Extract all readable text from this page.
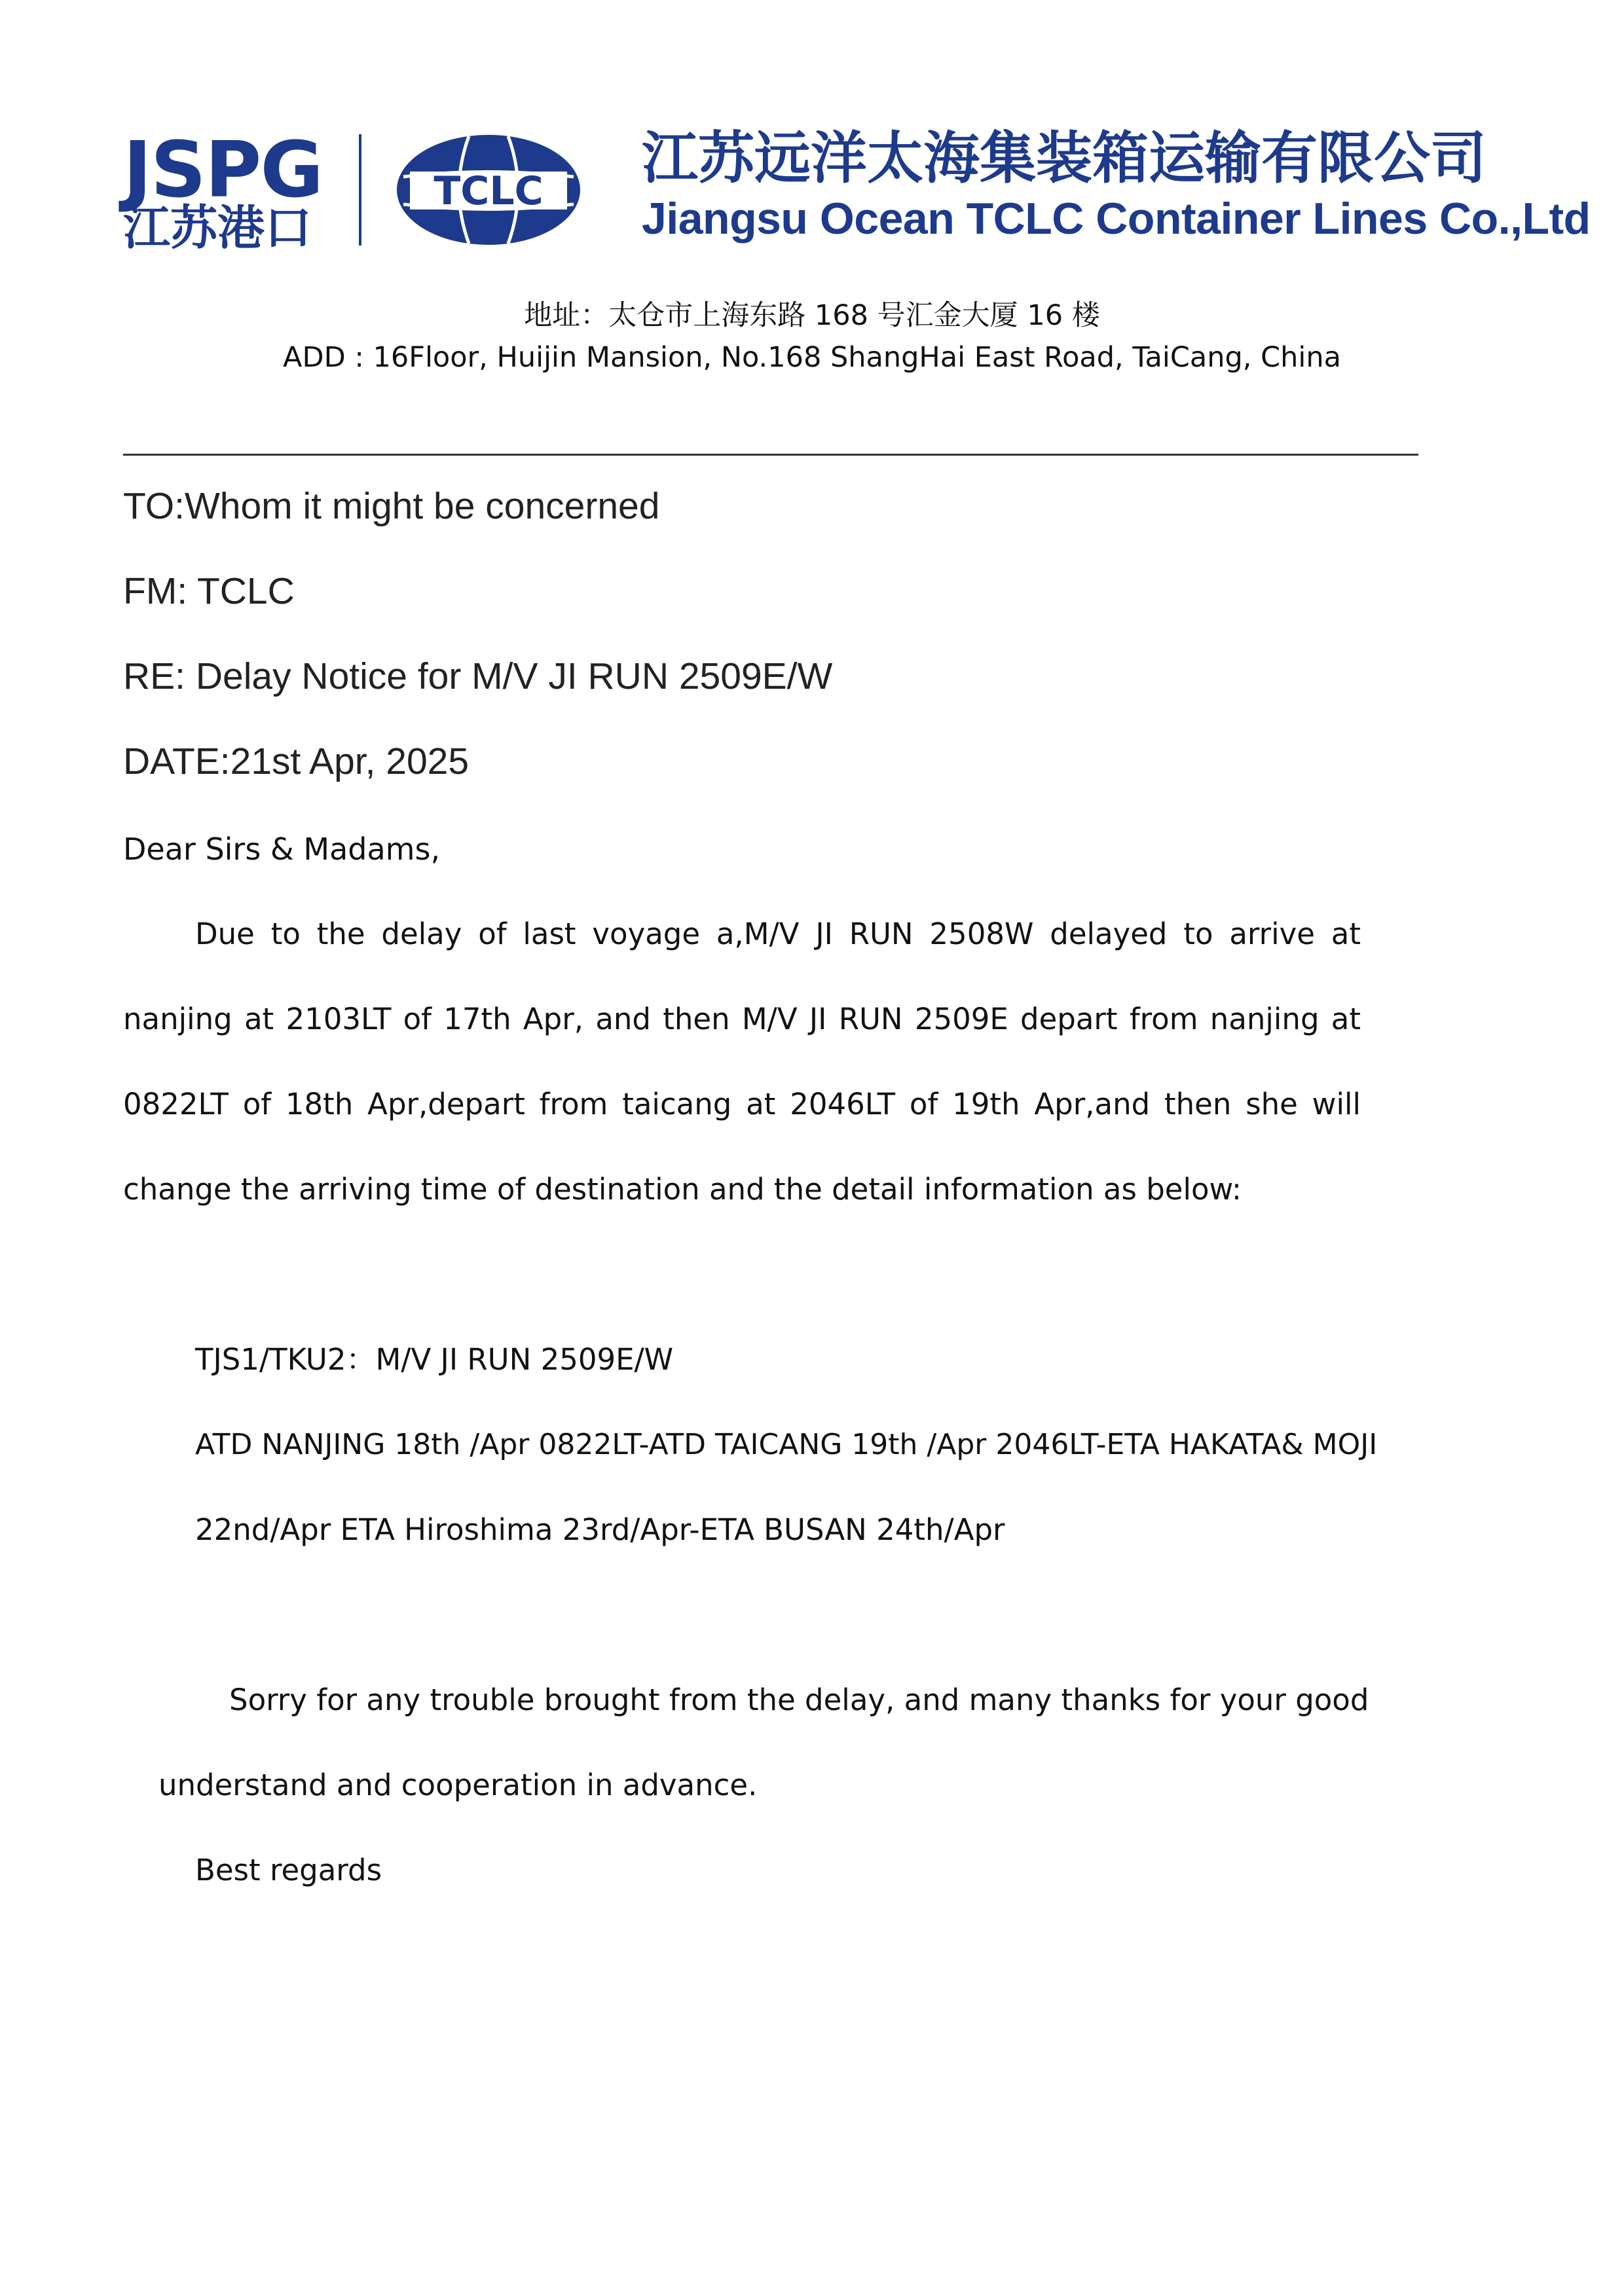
JSPG
江苏港口
TCLC 江苏远洋太海集装箱运输有限公司
Jiangsu Ocean TCLC Container Lines Co.,Ltd
地址：太仓市上海东路 168 号汇金大厦 16 楼
ADD : 16Floor, Huijin Mansion, No.168 ShangHai East Road, TaiCang, China
TO:Whom it might be concerned
FM: TCLC
RE: Delay Notice for M/V JI RUN 2509E/W
DATE:21st Apr, 2025
Dear Sirs & Madams,
Due to the delay of last voyage a,M/V JI RUN 2508W delayed to arrive at
nanjing at 2103LT of 17th Apr, and then M/V JI RUN 2509E depart from nanjing at
0822LT of 18th Apr,depart from taicang at 2046LT of 19th Apr,and then she will
change the arriving time of destination and the detail information as below:
TJS1/TKU2：M/V JI RUN 2509E/W
ATD NANJING 18th /Apr 0822LT-ATD TAICANG 19th /Apr 2046LT-ETA HAKATA& MOJI
22nd/Apr ETA Hiroshima 23rd/Apr-ETA BUSAN 24th/Apr
Sorry for any trouble brought from the delay, and many thanks for your good
understand and cooperation in advance.
Best regards
